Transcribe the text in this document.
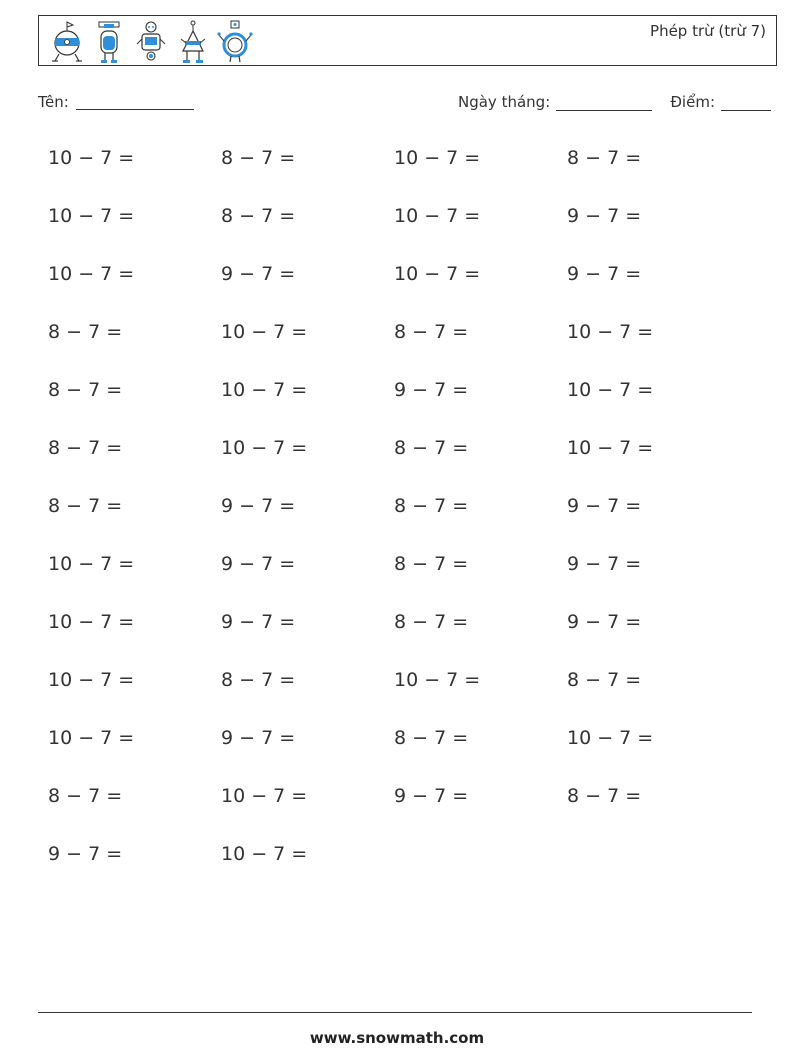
Phép trừ (trừ 7)
Tên:	Ngày tháng:	Điểm:
10 − 7 =	8 − 7 =	10 − 7 =	8 − 7 =
10 − 7 =	8 − 7 =	10 − 7 =	9 − 7 =
10 − 7 =	9 − 7 =	10 − 7 =	9 − 7 =
8 − 7 =	10 − 7 =	8 − 7 =	10 − 7 =
8 − 7 =	10 − 7 =	9 − 7 =	10 − 7 =
8 − 7 =	10 − 7 =	8 − 7 =	10 − 7 =
8 − 7 =	9 − 7 =	8 − 7 =	9 − 7 =
10 − 7 =	9 − 7 =	8 − 7 =	9 − 7 =
10 − 7 =	9 − 7 =	8 − 7 =	9 − 7 =
10 − 7 =	8 − 7 =	10 − 7 =	8 − 7 =
10 − 7 =	9 − 7 =	8 − 7 =	10 − 7 =
8 − 7 =	10 − 7 =	9 − 7 =	8 − 7 =
9 − 7 =	10 − 7 =
www.snowmath.com
